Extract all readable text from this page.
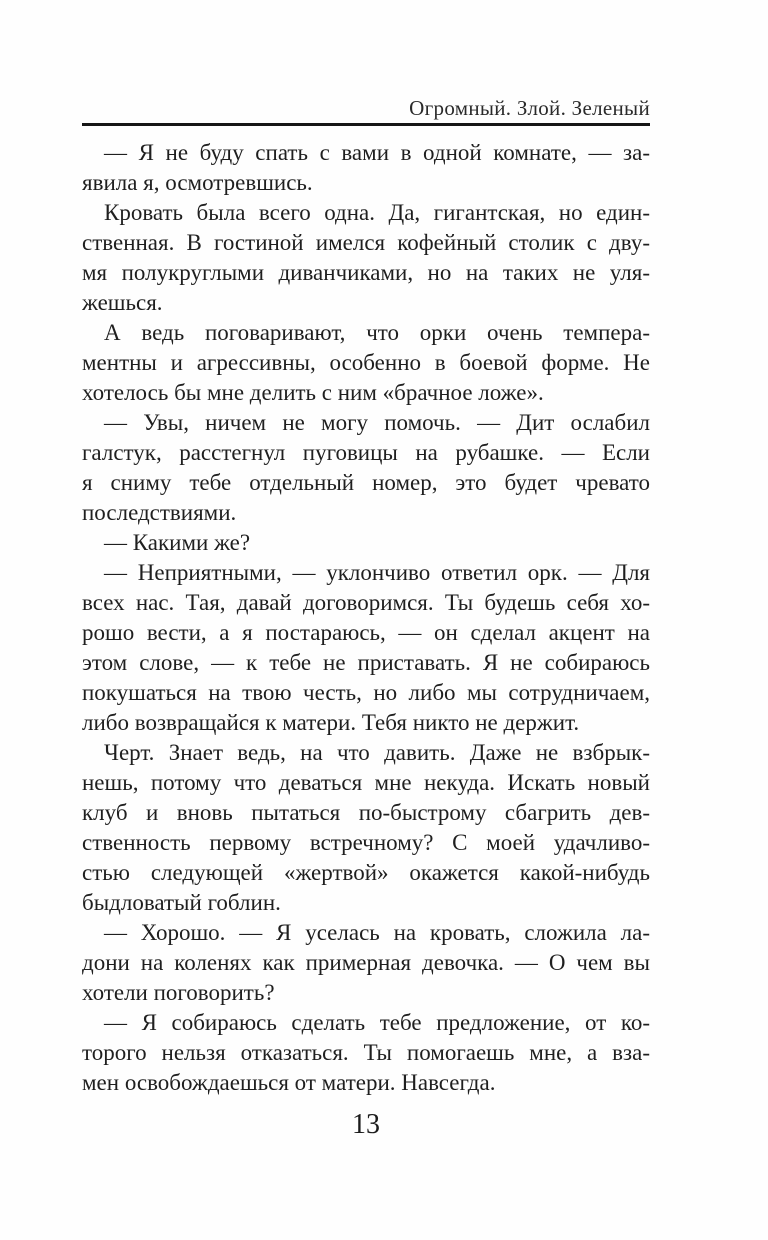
Огромный. Злой. Зеленый
— Я не буду спать с вами в одной комнате, — за-
явила я, осмотревшись.
Кровать была всего одна. Да, гигантская, но един-
ственная. В гостиной имелся кофейный столик с дву-
мя полукруглыми диванчиками, но на таких не уля-
жешься.
А ведь поговаривают, что орки очень темпера-
ментны и агрессивны, особенно в боевой форме. Не
хотелось бы мне делить с ним «брачное ложе».
— Увы, ничем не могу помочь. — Дит ослабил
галстук, расстегнул пуговицы на рубашке. — Если
я сниму тебе отдельный номер, это будет чревато
последствиями.
— Какими же?
— Неприятными, — уклончиво ответил орк. — Для
всех нас. Тая, давай договоримся. Ты будешь себя хо-
рошо вести, а я постараюсь, — он сделал акцент на
этом слове, — к тебе не приставать. Я не собираюсь
покушаться на твою честь, но либо мы сотрудничаем,
либо возвращайся к матери. Тебя никто не держит.
Черт. Знает ведь, на что давить. Даже не взбрык-
нешь, потому что деваться мне некуда. Искать новый
клуб и вновь пытаться по-быстрому сбагрить дев-
ственность первому встречному? С моей удачливо-
стью следующей «жертвой» окажется какой-нибудь
быдловатый гоблин.
— Хорошо. — Я уселась на кровать, сложила ла-
дони на коленях как примерная девочка. — О чем вы
хотели поговорить?
— Я собираюсь сделать тебе предложение, от ко-
торого нельзя отказаться. Ты помогаешь мне, а вза-
мен освобождаешься от матери. Навсегда.
13
